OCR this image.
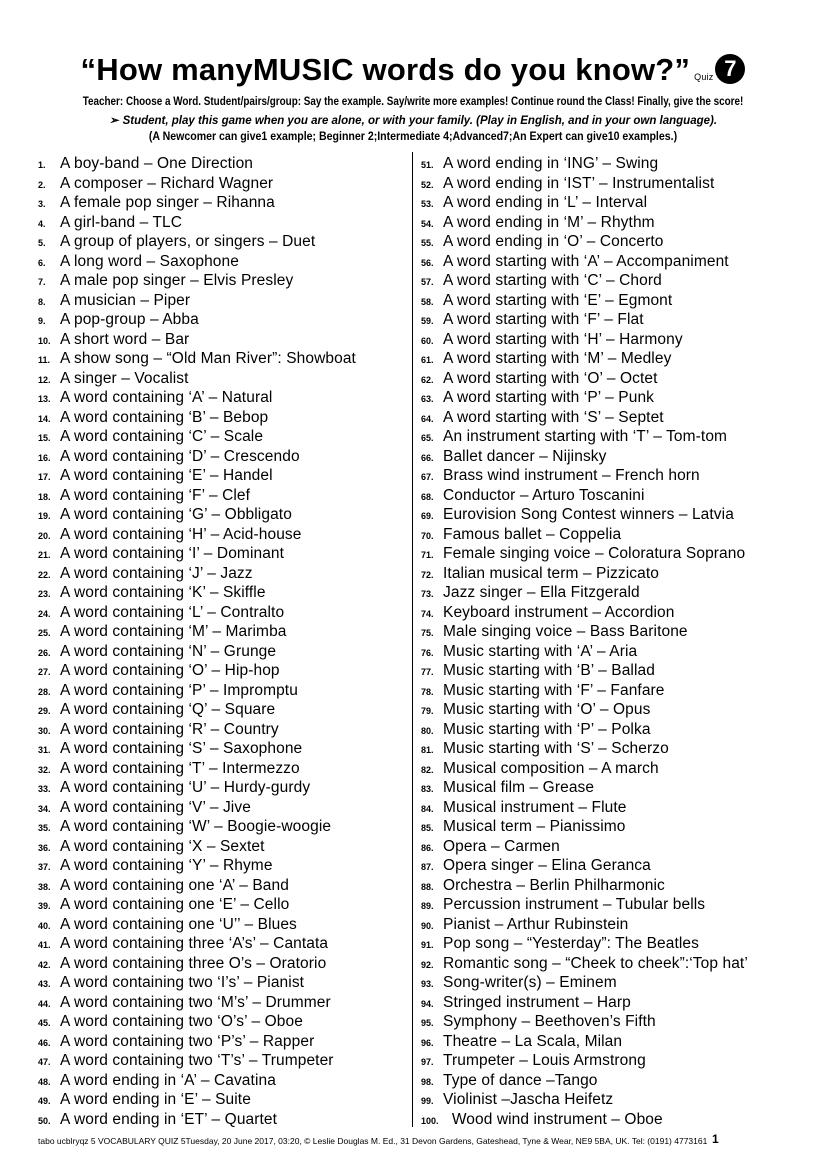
“How manyMUSIC words do you know?” Quiz 7
Teacher: Choose a Word. Student/pairs/group: Say the example. Say/write more examples! Continue round the Class! Finally, give the score!
➢ Student, play this game when you are alone, or with your family. (Play in English, and in your own language).
(A Newcomer can give1 example; Beginner 2;Intermediate 4;Advanced7;An Expert can give10 examples.)
1. A boy-band – One Direction
2. A composer – Richard Wagner
3. A female pop singer – Rihanna
4. A girl-band – TLC
5. A group of players, or singers – Duet
6. A long word – Saxophone
7. A male pop singer – Elvis Presley
8. A musician – Piper
9. A pop-group – Abba
10. A short word – Bar
11. A show song – “Old Man River”: Showboat
12. A singer – Vocalist
13. A word containing ‘A’ – Natural
14. A word containing ‘B’ – Bebop
15. A word containing ‘C’ – Scale
16. A word containing ‘D’ – Crescendo
17. A word containing ‘E’ – Handel
18. A word containing ‘F’ – Clef
19. A word containing ‘G’ – Obbligato
20. A word containing ‘H’ – Acid-house
21. A word containing ‘I’ – Dominant
22. A word containing ‘J’ – Jazz
23. A word containing ‘K’ – Skiffle
24. A word containing ‘L’ – Contralto
25. A word containing ‘M’ – Marimba
26. A word containing ‘N’ – Grunge
27. A word containing ‘O’ – Hip-hop
28. A word containing ‘P’ – Impromptu
29. A word containing ‘Q’ – Square
30. A word containing ‘R’ – Country
31. A word containing ‘S’ – Saxophone
32. A word containing ‘T’ – Intermezzo
33. A word containing ‘U’ – Hurdy-gurdy
34. A word containing ‘V’ – Jive
35. A word containing ‘W’ – Boogie-woogie
36. A word containing ‘X – Sextet
37. A word containing ‘Y’ – Rhyme
38. A word containing one ‘A’ – Band
39. A word containing one ‘E’ – Cello
40. A word containing one ‘U’’ – Blues
41. A word containing three ‘A’s’ – Cantata
42. A word containing three O’s – Oratorio
43. A word containing two ‘I’s’ – Pianist
44. A word containing two ‘M’s’ – Drummer
45. A word containing two ‘O’s’ – Oboe
46. A word containing two ‘P’s’ – Rapper
47. A word containing two ‘T’s’ – Trumpeter
48. A word ending in ‘A’ – Cavatina
49. A word ending in ‘E’ – Suite
50. A word ending in ‘ET’ – Quartet
51. A word ending in ‘ING’ – Swing
52. A word ending in ‘IST’ – Instrumentalist
53. A word ending in ‘L’ – Interval
54. A word ending in ‘M’ – Rhythm
55. A word ending in ‘O’ – Concerto
56. A word starting with ‘A’ – Accompaniment
57. A word starting with ‘C’ – Chord
58. A word starting with ‘E’ – Egmont
59. A word starting with ‘F’ – Flat
60. A word starting with ‘H’ – Harmony
61. A word starting with ‘M’ – Medley
62. A word starting with ‘O’ – Octet
63. A word starting with ‘P’ – Punk
64. A word starting with ‘S’ – Septet
65. An instrument starting with ‘T’ – Tom-tom
66. Ballet dancer – Nijinsky
67. Brass wind instrument – French horn
68. Conductor – Arturo Toscanini
69. Eurovision Song Contest winners – Latvia
70. Famous ballet – Coppelia
71. Female singing voice – Coloratura Soprano
72. Italian musical term – Pizzicato
73. Jazz singer – Ella Fitzgerald
74. Keyboard instrument – Accordion
75. Male singing voice – Bass Baritone
76. Music starting with ‘A’ – Aria
77. Music starting with ‘B’ – Ballad
78. Music starting with ‘F’ – Fanfare
79. Music starting with ‘O’ – Opus
80. Music starting with ‘P’ – Polka
81. Music starting with ‘S’ – Scherzo
82. Musical composition – A march
83. Musical film – Grease
84. Musical instrument – Flute
85. Musical term – Pianissimo
86. Opera – Carmen
87. Opera singer – Elina Geranca
88. Orchestra – Berlin Philharmonic
89. Percussion instrument – Tubular bells
90. Pianist – Arthur Rubinstein
91. Pop song – “Yesterday”: The Beatles
92. Romantic song – “Cheek to cheek”:‘Top hat’
93. Song-writer(s) – Eminem
94. Stringed instrument – Harp
95. Symphony – Beethoven’s Fifth
96. Theatre – La Scala, Milan
97. Trumpeter – Louis Armstrong
98. Type of dance –Tango
99. Violinist –Jascha Heifetz
100.  Wood wind instrument – Oboe
tabo ucblryqz 5 VOCABULARY QUIZ 5Tuesday, 20 June 2017, 03:20, © Leslie Douglas M. Ed., 31 Devon Gardens, Gateshead, Tyne & Wear, NE9 5BA, UK. Tel: (0191) 4773161 1
